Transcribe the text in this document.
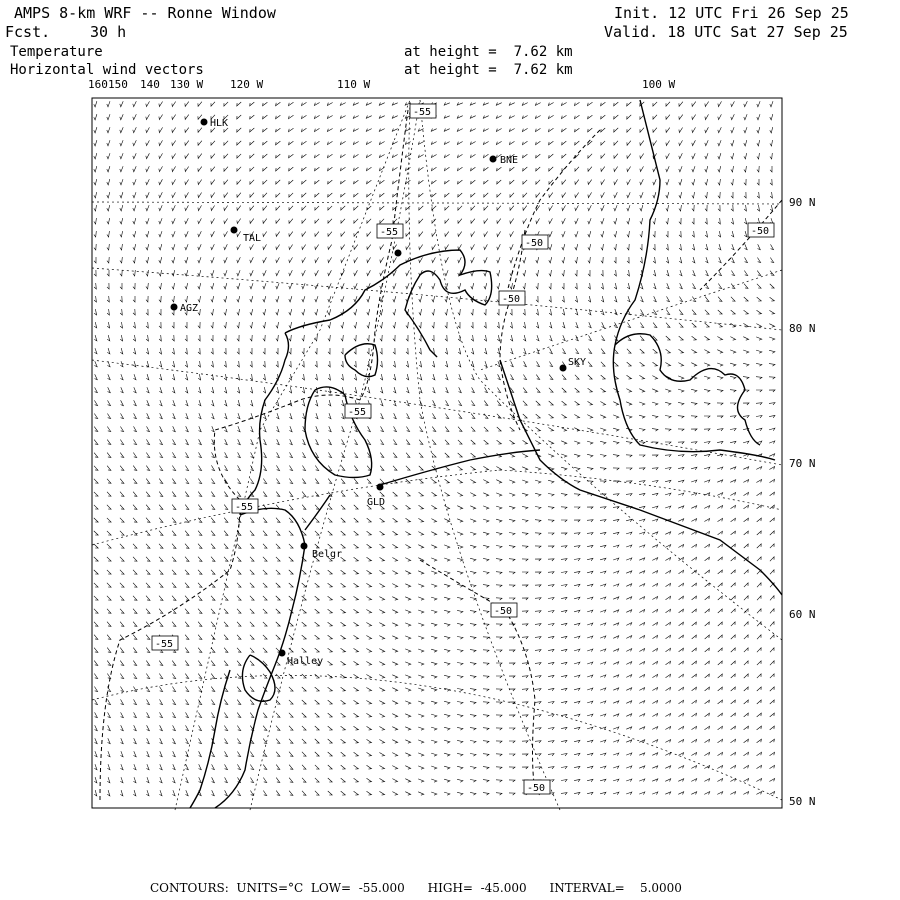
AMPS 8-km WRF -- Ronne Window
Fcst.	30 h
Temperature
Horizontal wind vectors
Init. 12 UTC Fri 26 Sep 25
Valid. 18 UTC Sat 27 Sep 25
at height =  7.62 km
at height =  7.62 km
160 150 140 130 W 120 W	110 W	100 W
90 N
80 N
70 N
60 N
50 N
HLK
BNE
TAL
AGZ
SKY
GLD
Belgr
Halley
-55
-55
-50
-50
-55
-55
-55
-50
-50
-50
CONTOURS: UNITS=°C LOW=  -55.000 HIGH=  -45.000 INTERVAL=    5.0000
